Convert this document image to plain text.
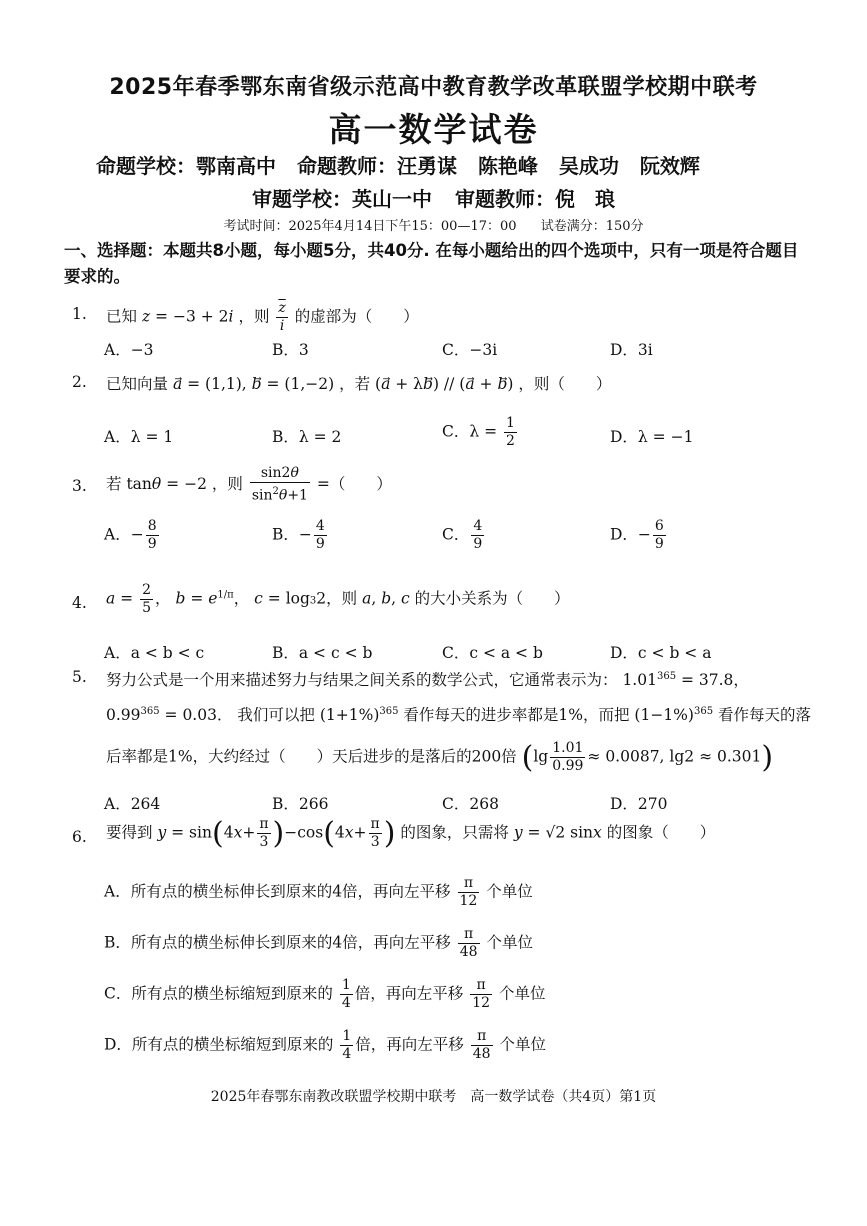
2025年春季鄂东南省级示范高中教育教学改革联盟学校期中联考
高一数学试卷
命题学校：鄂南高中 命题教师：汪勇谋 陈艳峰 吴成功 阮效辉
审题学校：英山一中 审题教师：倪　琅
考试时间：2025年4月14日下午15：00—17：00 试卷满分：150分
一、选择题：本题共8小题，每小题5分，共40分. 在每小题给出的四个选项中，只有一项是符合题目要求的。
1. 已知 z = −3 + 2i ，则 $\frac{\overline{z}}{i}$ 的虚部为（　　）
A．−3	B．3	C．−3i	D．3i
2. 已知向量 a⃗ = (1,1), b⃗ = (1,−2) ，若 (a⃗ + λb⃗) // (a⃗ + b⃗) ，则（　　）
A．λ = 1	B．λ = 2	C．$\lambda = \frac{1}{2}$	D．λ = −1
3. 若 tanθ = −2 ，则 $\frac{\sin 2\theta}{\sin^2\theta+1}$ =（　　）
A．− $\frac{8}{9}$	B．− $\frac{4}{9}$	C． $\frac{4}{9}$	D．− $\frac{6}{9}$
4. $a = \frac{2}{5}$ ， $b = e^{1/\pi}$， c = log32，则 a, b, c 的大小关系为（　　）
A．a < b < c	B．a < c < b	C．c < a < b	D．c < b < a
5. 努力公式是一个用来描述努力与结果之间关系的数学公式，它通常表示为： $1.01^{365} = 37.8$，
$0.99^{365} = 0.03$． 我们可以把 $(1+1\%)^{365}$ 看作每天的进步率都是1%，而把 $(1-1\%)^{365}$ 看作每天的落
后率都是1%，大约经过（　　）天后进步的是落后的200倍 ($\lg \frac{1.01}{0.99} \approx 0.0087$, lg2 ≈ 0.301)
A．264	B．266	C．268	D．270
6. 要得到 $y = \sin(4x+ \frac{\pi}{3} )-\cos(4x+ \frac{\pi}{3}$ ) 的图象，只需将 y = √2 sinx 的图象（　　）
A．所有点的横坐标伸长到原来的4倍，再向左平移 $\frac{\pi}{12}$ 个单位
B．所有点的横坐标伸长到原来的4倍，再向左平移 $\frac{\pi}{48}$ 个单位
C．所有点的横坐标缩短到原来的 $\frac{1}{4}$ 倍，再向左平移 $\frac{\pi}{12}$ 个单位
D．所有点的横坐标缩短到原来的 $\frac{1}{4}$ 倍，再向左平移 $\frac{\pi}{48}$ 个单位
2025年春鄂东南教改联盟学校期中联考　高一数学试卷（共4页）第1页
